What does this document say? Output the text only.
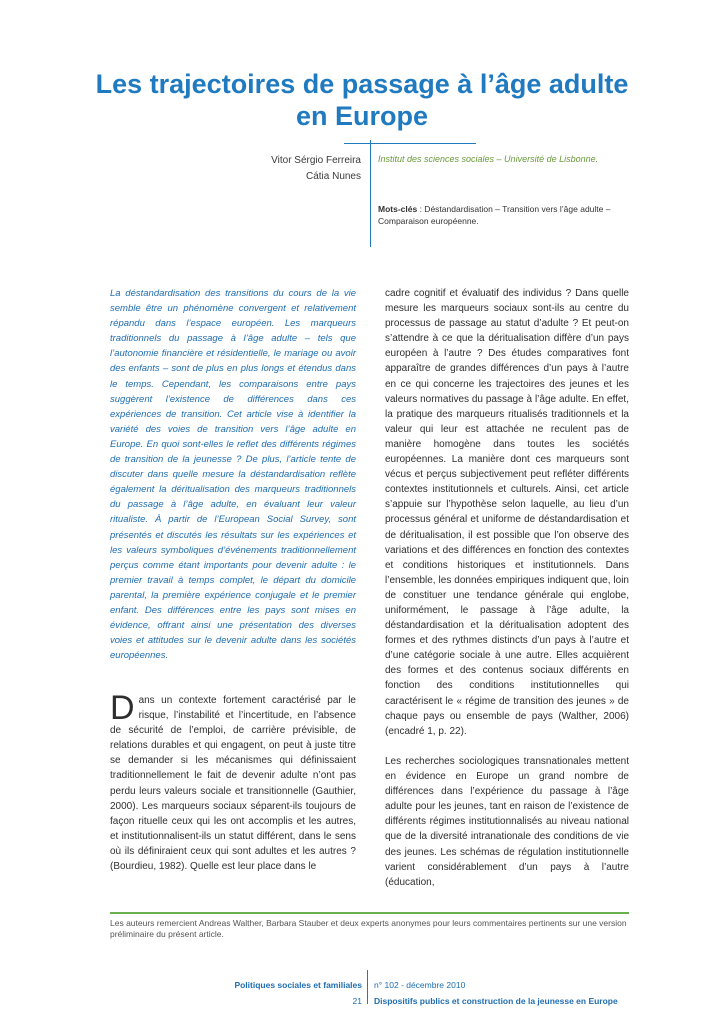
Les trajectoires de passage à l’âge adulte
en Europe
Vitor Sérgio Ferreira
Cátia Nunes
Institut des sciences sociales – Université de Lisbonne.
Mots-clés : Déstandardisation – Transition vers l’âge adulte – Comparaison européenne.

La déstandardisation des transitions du cours de la vie semble être un phénomène convergent et relativement répandu dans l’espace européen. Les marqueurs traditionnels du passage à l’âge adulte – tels que l’autonomie financière et résidentielle, le mariage ou avoir des enfants – sont de plus en plus longs et étendus dans le temps. Cependant, les comparaisons entre pays suggèrent l’existence de différences dans ces expériences de transition. Cet article vise à identifier la variété des voies de transition vers l’âge adulte en Europe. En quoi sont-elles le reflet des différents régimes de transition de la jeunesse ? De plus, l’article tente de discuter dans quelle mesure la déstandardisation reflète également la déritualisation des marqueurs traditionnels du passage à l’âge adulte, en évaluant leur valeur ritualiste. À partir de l’European Social Survey, sont présentés et discutés les résultats sur les expériences et les valeurs symboliques d’événements traditionnellement perçus comme étant importants pour devenir adulte : le premier travail à temps complet, le départ du domicile parental, la première expérience conjugale et le premier enfant. Des différences entre les pays sont mises en évidence, offrant ainsi une présentation des diverses voies et attitudes sur le devenir adulte dans les sociétés européennes.

Dans un contexte fortement caractérisé par le risque, l’instabilité et l’incertitude, en l’absence de sécurité de l’emploi, de carrière prévisible, de relations durables et qui engagent, on peut à juste titre se demander si les mécanismes qui définissaient traditionnellement le fait de devenir adulte n’ont pas perdu leurs valeurs sociale et transitionnelle (Gauthier, 2000). Les marqueurs sociaux séparent-ils toujours de façon rituelle ceux qui les ont accomplis et les autres, et institutionnalisent-ils un statut différent, dans le sens où ils définiraient ceux qui sont adultes et les autres ? (Bourdieu, 1982). Quelle est leur place dans le

cadre cognitif et évaluatif des individus ? Dans quelle mesure les marqueurs sociaux sont-ils au centre du processus de passage au statut d’adulte ? Et peut-on s’attendre à ce que la déritualisation diffère d’un pays européen à l’autre ? Des études comparatives font apparaître de grandes différences d’un pays à l’autre en ce qui concerne les trajectoires des jeunes et les valeurs normatives du passage à l’âge adulte. En effet, la pratique des marqueurs ritualisés traditionnels et la valeur qui leur est attachée ne reculent pas de manière homogène dans toutes les sociétés européennes. La manière dont ces marqueurs sont vécus et perçus subjectivement peut refléter différents contextes institutionnels et culturels. Ainsi, cet article s’appuie sur l’hypothèse selon laquelle, au lieu d’un processus général et uniforme de déstandardisation et de déritualisation, il est possible que l’on observe des variations et des différences en fonction des contextes et conditions historiques et institutionnels. Dans l’ensemble, les données empiriques indiquent que, loin de constituer une tendance générale qui englobe, uniformément, le passage à l’âge adulte, la déstandardisation et la déritualisation adoptent des formes et des rythmes distincts d’un pays à l’autre et d’une catégorie sociale à une autre. Elles acquièrent des formes et des contenus sociaux différents en fonction des conditions institutionnelles qui caractérisent le « régime de transition des jeunes » de chaque pays ou ensemble de pays (Walther, 2006) (encadré 1, p. 22).

Les recherches sociologiques transnationales mettent en évidence en Europe un grand nombre de différences dans l’expérience du passage à l’âge adulte pour les jeunes, tant en raison de l’existence de différents régimes institutionnalisés au niveau national que de la diversité intranationale des conditions de vie des jeunes. Les schémas de régulation institutionnelle varient considérablement d’un pays à l’autre (éducation,

Les auteurs remercient Andreas Walther, Barbara Stauber et deux experts anonymes pour leurs commentaires pertinents sur une version préliminaire du présent article.

Politiques sociales et familiales
21
n° 102 - décembre 2010
Dispositifs publics et construction de la jeunesse en Europe
